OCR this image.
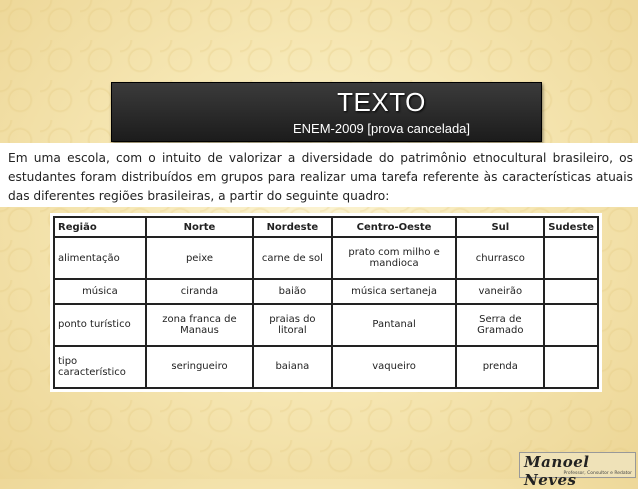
TEXTO
ENEM-2009 [prova cancelada]
Em uma escola, com o intuito de valorizar a diversidade do patrimônio etnocultural brasileiro, os estudantes foram distribuídos em grupos para realizar uma tarefa referente às características atuais das diferentes regiões brasileiras, a partir do seguinte quadro:
Região	Norte	Nordeste	Centro-Oeste	Sul	Sudeste
alimentação	peixe	carne de sol	prato com milho e mandioca	churrasco	
música	ciranda	baião	música sertaneja	vaneirão	
ponto turístico	zona franca de Manaus	praias do litoral	Pantanal	Serra de Gramado	
tipo característico	seringueiro	baiana	vaqueiro	prenda	
Manoel Neves
Professor, Consultor e Redator
